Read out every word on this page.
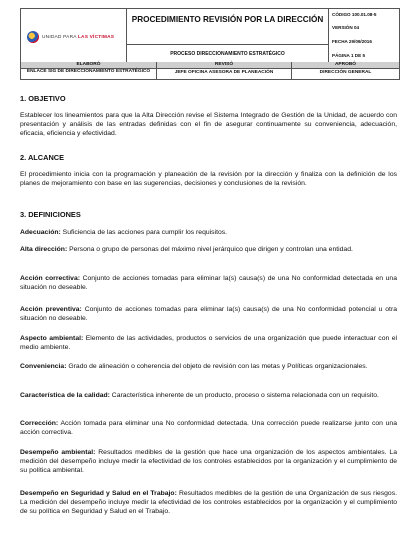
UNIDAD PARA LAS VÍCTIMAS
PROCEDIMIENTO REVISIÓN POR LA DIRECCIÓN
PROCESO DIRECCIONAMIENTO ESTRATÉGICO
CÓDIGO 100.01.08-5
VERSIÓN 04
FECHA 29/09/2016
PÁGINA 1 DE 5
ELABORÓ
ENLACE SIG DE DIRECCIONAMIENTO ESTRATÉGICO
REVISÓ
JEFE OFICINA ASESORA DE PLANEACIÓN
APROBÓ
DIRECCIÓN GENERAL
1. OBJETIVO
Establecer los lineamientos para que la Alta Dirección revise el Sistema Integrado de Gestión de la Unidad, de acuerdo con presentación y análisis de las entradas definidas con el fin de asegurar continuamente su conveniencia, adecuación, eficacia, eficiencia y efectividad.
2. ALCANCE
El procedimiento inicia con la programación y planeación de la revisión por la dirección y finaliza con la definición de los planes de mejoramiento con base en las sugerencias, decisiones y conclusiones de la revisión.
3. DEFINICIONES
Adecuación: Suficiencia de las acciones para cumplir los requisitos.
Alta dirección: Persona o grupo de personas del máximo nivel jerárquico que dirigen y controlan una entidad.
Acción correctiva: Conjunto de acciones tomadas para eliminar la(s) causa(s) de una No conformidad detectada en una situación no deseable.
Acción preventiva: Conjunto de acciones tomadas para eliminar la(s) causa(s) de una No conformidad potencial u otra situación no deseable.
Aspecto ambiental: Elemento de las actividades, productos o servicios de una organización que puede interactuar con el medio ambiente.
Conveniencia: Grado de alineación o coherencia del objeto de revisión con las metas y Políticas organizacionales.
Característica de la calidad: Característica inherente de un producto, proceso o sistema relacionada con un requisito.
Corrección: Acción tomada para eliminar una No conformidad detectada. Una corrección puede realizarse junto con una acción correctiva.
Desempeño ambiental: Resultados medibles de la gestión que hace una organización de los aspectos ambientales. La medición del desempeño incluye medir la efectividad de los controles establecidos por la organización y el cumplimiento de su política ambiental.
Desempeño en Seguridad y Salud en el Trabajo: Resultados medibles de la gestión de una Organización de sus riesgos. La medición del desempeño incluye medir la efectividad de los controles establecidos por la organización y el cumplimiento de su política en Seguridad y Salud en el Trabajo.
